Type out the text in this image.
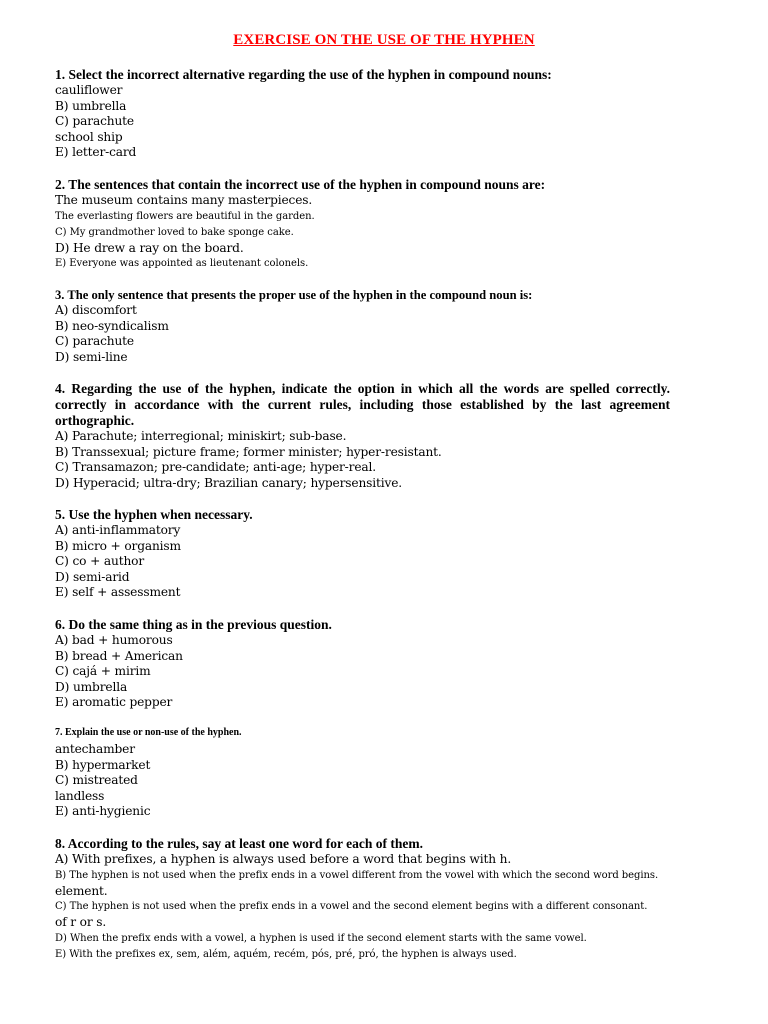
EXERCISE ON THE USE OF THE HYPHEN

1. Select the incorrect alternative regarding the use of the hyphen in compound nouns:

cauliflower

B) umbrella

C) parachute

school ship

E) letter-card

2. The sentences that contain the incorrect use of the hyphen in compound nouns are:

The museum contains many masterpieces.

The everlasting flowers are beautiful in the garden.

C) My grandmother loved to bake sponge cake.

D) He drew a ray on the board.

E) Everyone was appointed as lieutenant colonels.

3. The only sentence that presents the proper use of the hyphen in the compound noun is:

A) discomfort

B) neo-syndicalism

C) parachute

D) semi-line

4. Regarding the use of the hyphen, indicate the option in which all the words are spelled correctly. correctly in accordance with the current rules, including those established by the last agreement orthographic.

A) Parachute; interregional; miniskirt; sub-base.

B) Transsexual; picture frame; former minister; hyper-resistant.

C) Transamazon; pre-candidate; anti-age; hyper-real.

D) Hyperacid; ultra-dry; Brazilian canary; hypersensitive.

5. Use the hyphen when necessary.

A) anti-inflammatory

B) micro + organism

C) co + author

D) semi-arid

E) self + assessment

6. Do the same thing as in the previous question.

A) bad + humorous

B) bread + American

C) cajá + mirim

D) umbrella

E) aromatic pepper

7. Explain the use or non-use of the hyphen.

antechamber

B) hypermarket

C) mistreated

landless

E) anti-hygienic

8. According to the rules, say at least one word for each of them.

A) With prefixes, a hyphen is always used before a word that begins with h.

B) The hyphen is not used when the prefix ends in a vowel different from the vowel with which the second word begins.

element.

C) The hyphen is not used when the prefix ends in a vowel and the second element begins with a different consonant.

of r or s.

D) When the prefix ends with a vowel, a hyphen is used if the second element starts with the same vowel.

E) With the prefixes ex, sem, além, aquém, recém, pós, pré, pró, the hyphen is always used.
